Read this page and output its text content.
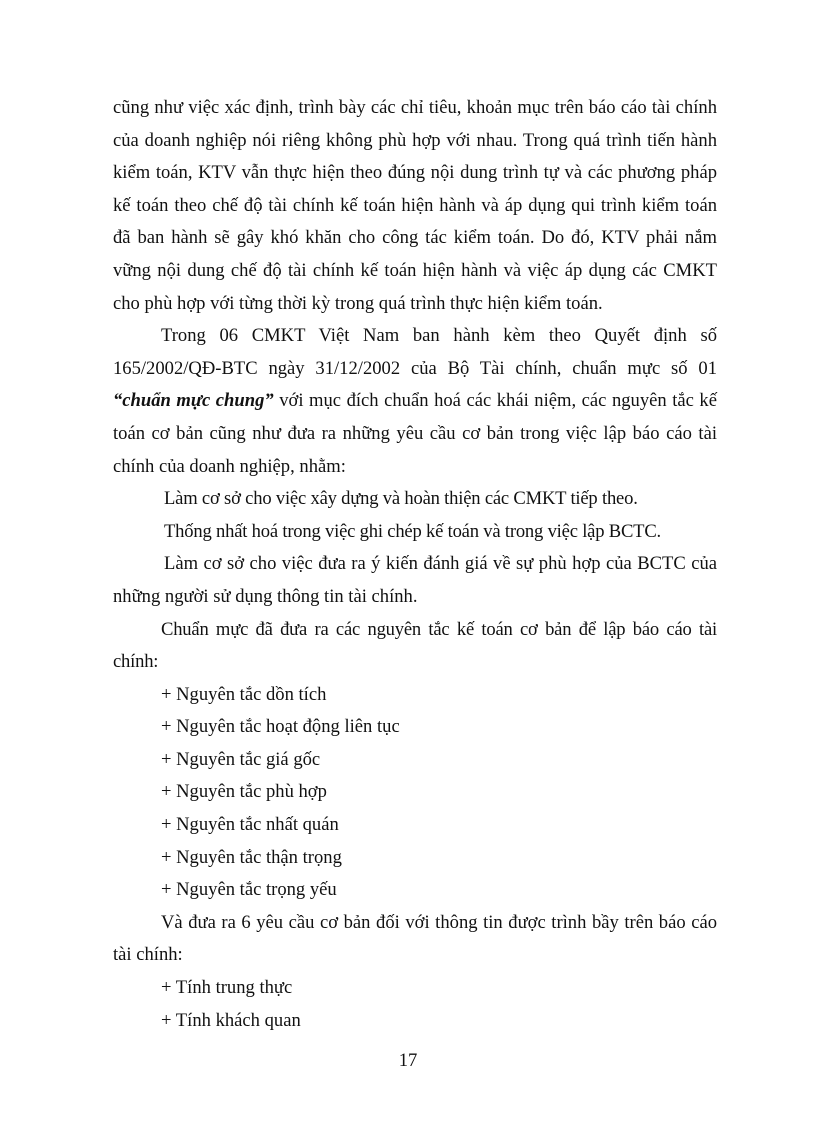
cũng như việc xác định, trình bày các chỉ tiêu, khoản mục trên báo cáo tài chính của doanh nghiệp nói riêng không phù hợp với nhau. Trong quá trình tiến hành kiểm toán, KTV vẫn thực hiện theo đúng nội dung trình tự và các phương pháp kế toán theo chế độ tài chính kế toán hiện hành và áp dụng qui trình kiểm toán đã ban hành sẽ gây khó khăn cho công tác kiểm toán. Do đó, KTV phải nắm vững nội dung chế độ tài chính kế toán hiện hành và việc áp dụng các CMKT cho phù hợp với từng thời kỳ trong quá trình thực hiện kiểm toán.

Trong 06 CMKT Việt Nam ban hành kèm theo Quyết định số 165/2002/QĐ-BTC ngày 31/12/2002 của Bộ Tài chính, chuẩn mực số 01 “chuẩn mực chung” với mục đích chuẩn hoá các khái niệm, các nguyên tắc kế toán cơ bản cũng như đưa ra những yêu cầu cơ bản trong việc lập báo cáo tài chính của doanh nghiệp, nhằm:

Làm cơ sở cho việc xây dựng và hoàn thiện các CMKT tiếp theo.

Thống nhất hoá trong việc ghi chép kế toán và trong việc lập BCTC.

Làm cơ sở cho việc đưa ra ý kiến đánh giá về sự phù hợp của BCTC của những người sử dụng thông tin tài chính.

Chuẩn mực đã đưa ra các nguyên tắc kế toán cơ bản để lập báo cáo tài chính:

+ Nguyên tắc dồn tích

+ Nguyên tắc hoạt động liên tục

+ Nguyên tắc giá gốc

+ Nguyên tắc phù hợp

+ Nguyên tắc nhất quán

+ Nguyên tắc thận trọng

+ Nguyên tắc trọng yếu

Và đưa ra 6 yêu cầu cơ bản đối với thông tin được trình bầy trên báo cáo tài chính:

+ Tính trung thực

+ Tính khách quan

17
